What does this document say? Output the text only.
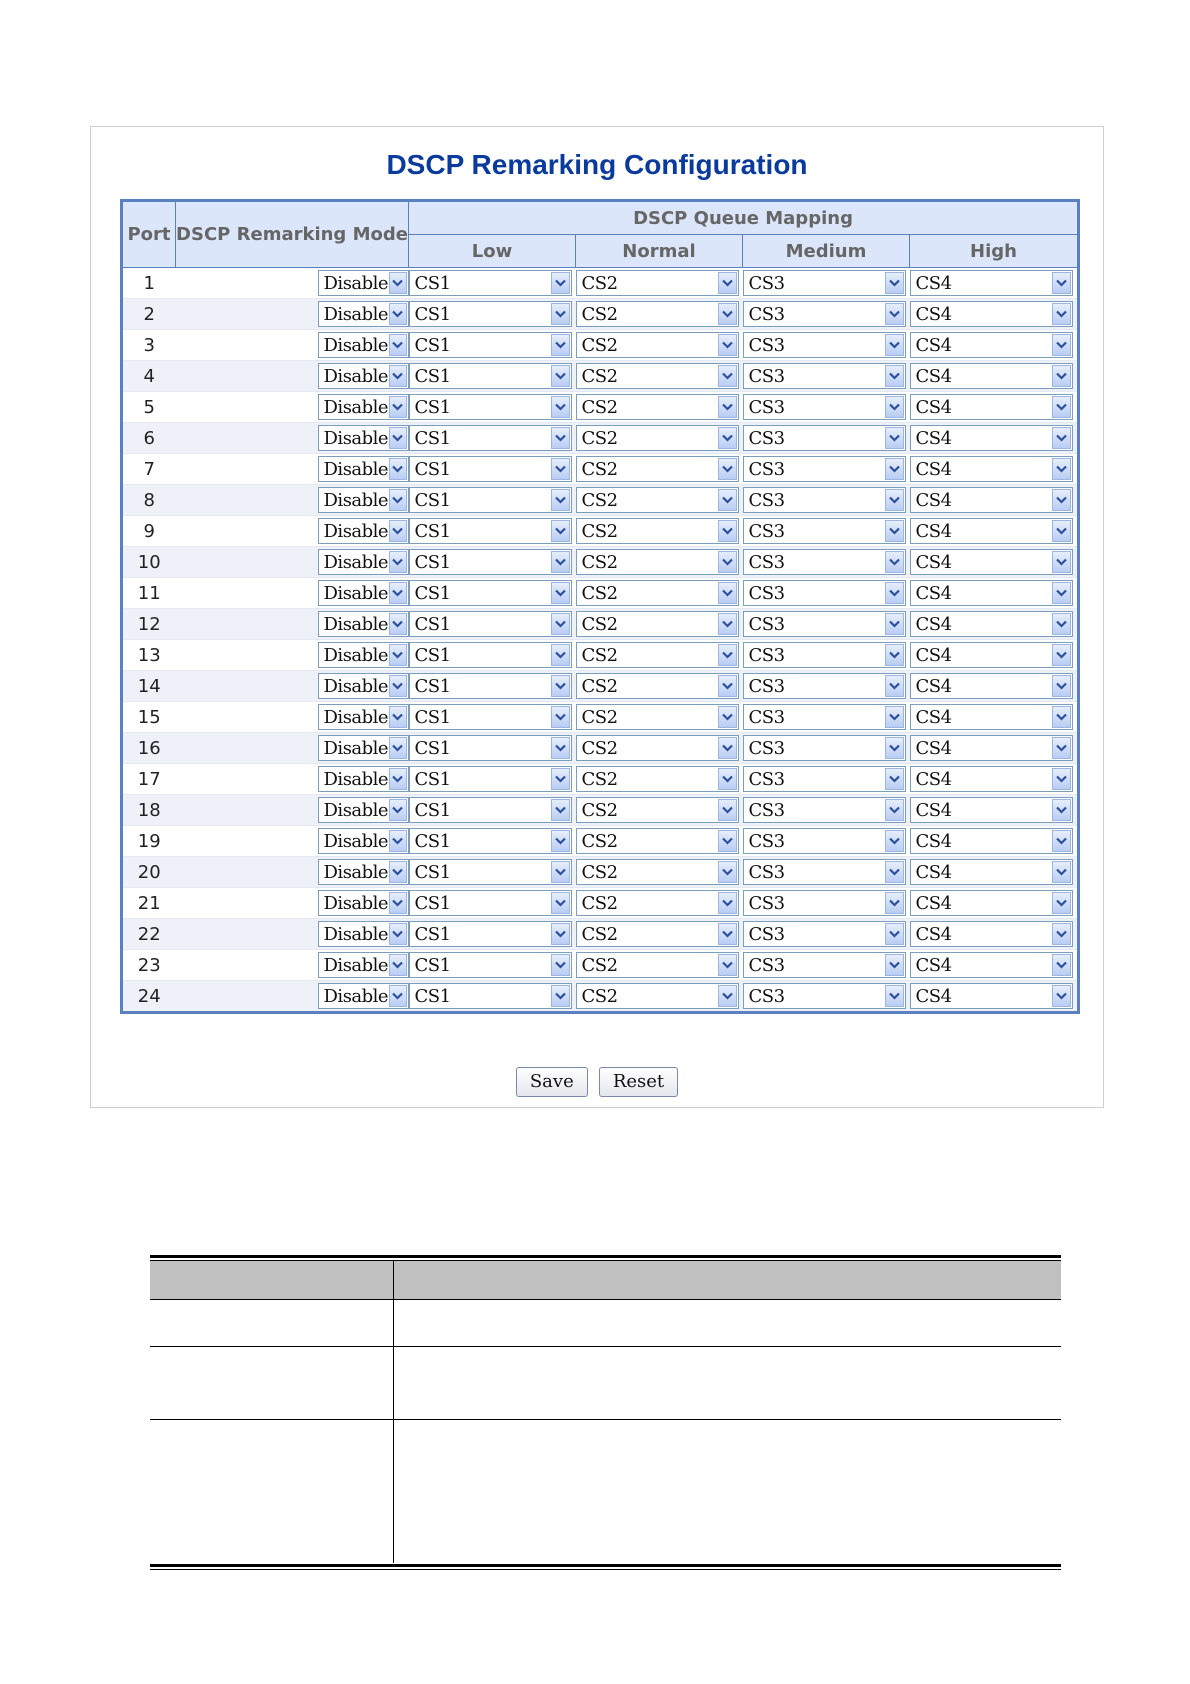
DSCP Remarking Configuration
Port	DSCP Remarking Mode	DSCP Queue Mapping			
		Low	Normal	Medium	High
1	Disable	CS1	CS2	CS3	CS4

2	Disable	CS1	CS2	CS3	CS4

3	Disable	CS1	CS2	CS3	CS4

4	Disable	CS1	CS2	CS3	CS4

5	Disable	CS1	CS2	CS3	CS4

6	Disable	CS1	CS2	CS3	CS4

7	Disable	CS1	CS2	CS3	CS4

8	Disable	CS1	CS2	CS3	CS4

9	Disable	CS1	CS2	CS3	CS4

10	Disable	CS1	CS2	CS3	CS4

11	Disable	CS1	CS2	CS3	CS4

12	Disable	CS1	CS2	CS3	CS4

13	Disable	CS1	CS2	CS3	CS4

14	Disable	CS1	CS2	CS3	CS4

15	Disable	CS1	CS2	CS3	CS4

16	Disable	CS1	CS2	CS3	CS4

17	Disable	CS1	CS2	CS3	CS4

18	Disable	CS1	CS2	CS3	CS4

19	Disable	CS1	CS2	CS3	CS4

20	Disable	CS1	CS2	CS3	CS4

21	Disable	CS1	CS2	CS3	CS4

22	Disable	CS1	CS2	CS3	CS4

23	Disable	CS1	CS2	CS3	CS4

24	Disable	CS1	CS2	CS3	CS4
Save Reset
